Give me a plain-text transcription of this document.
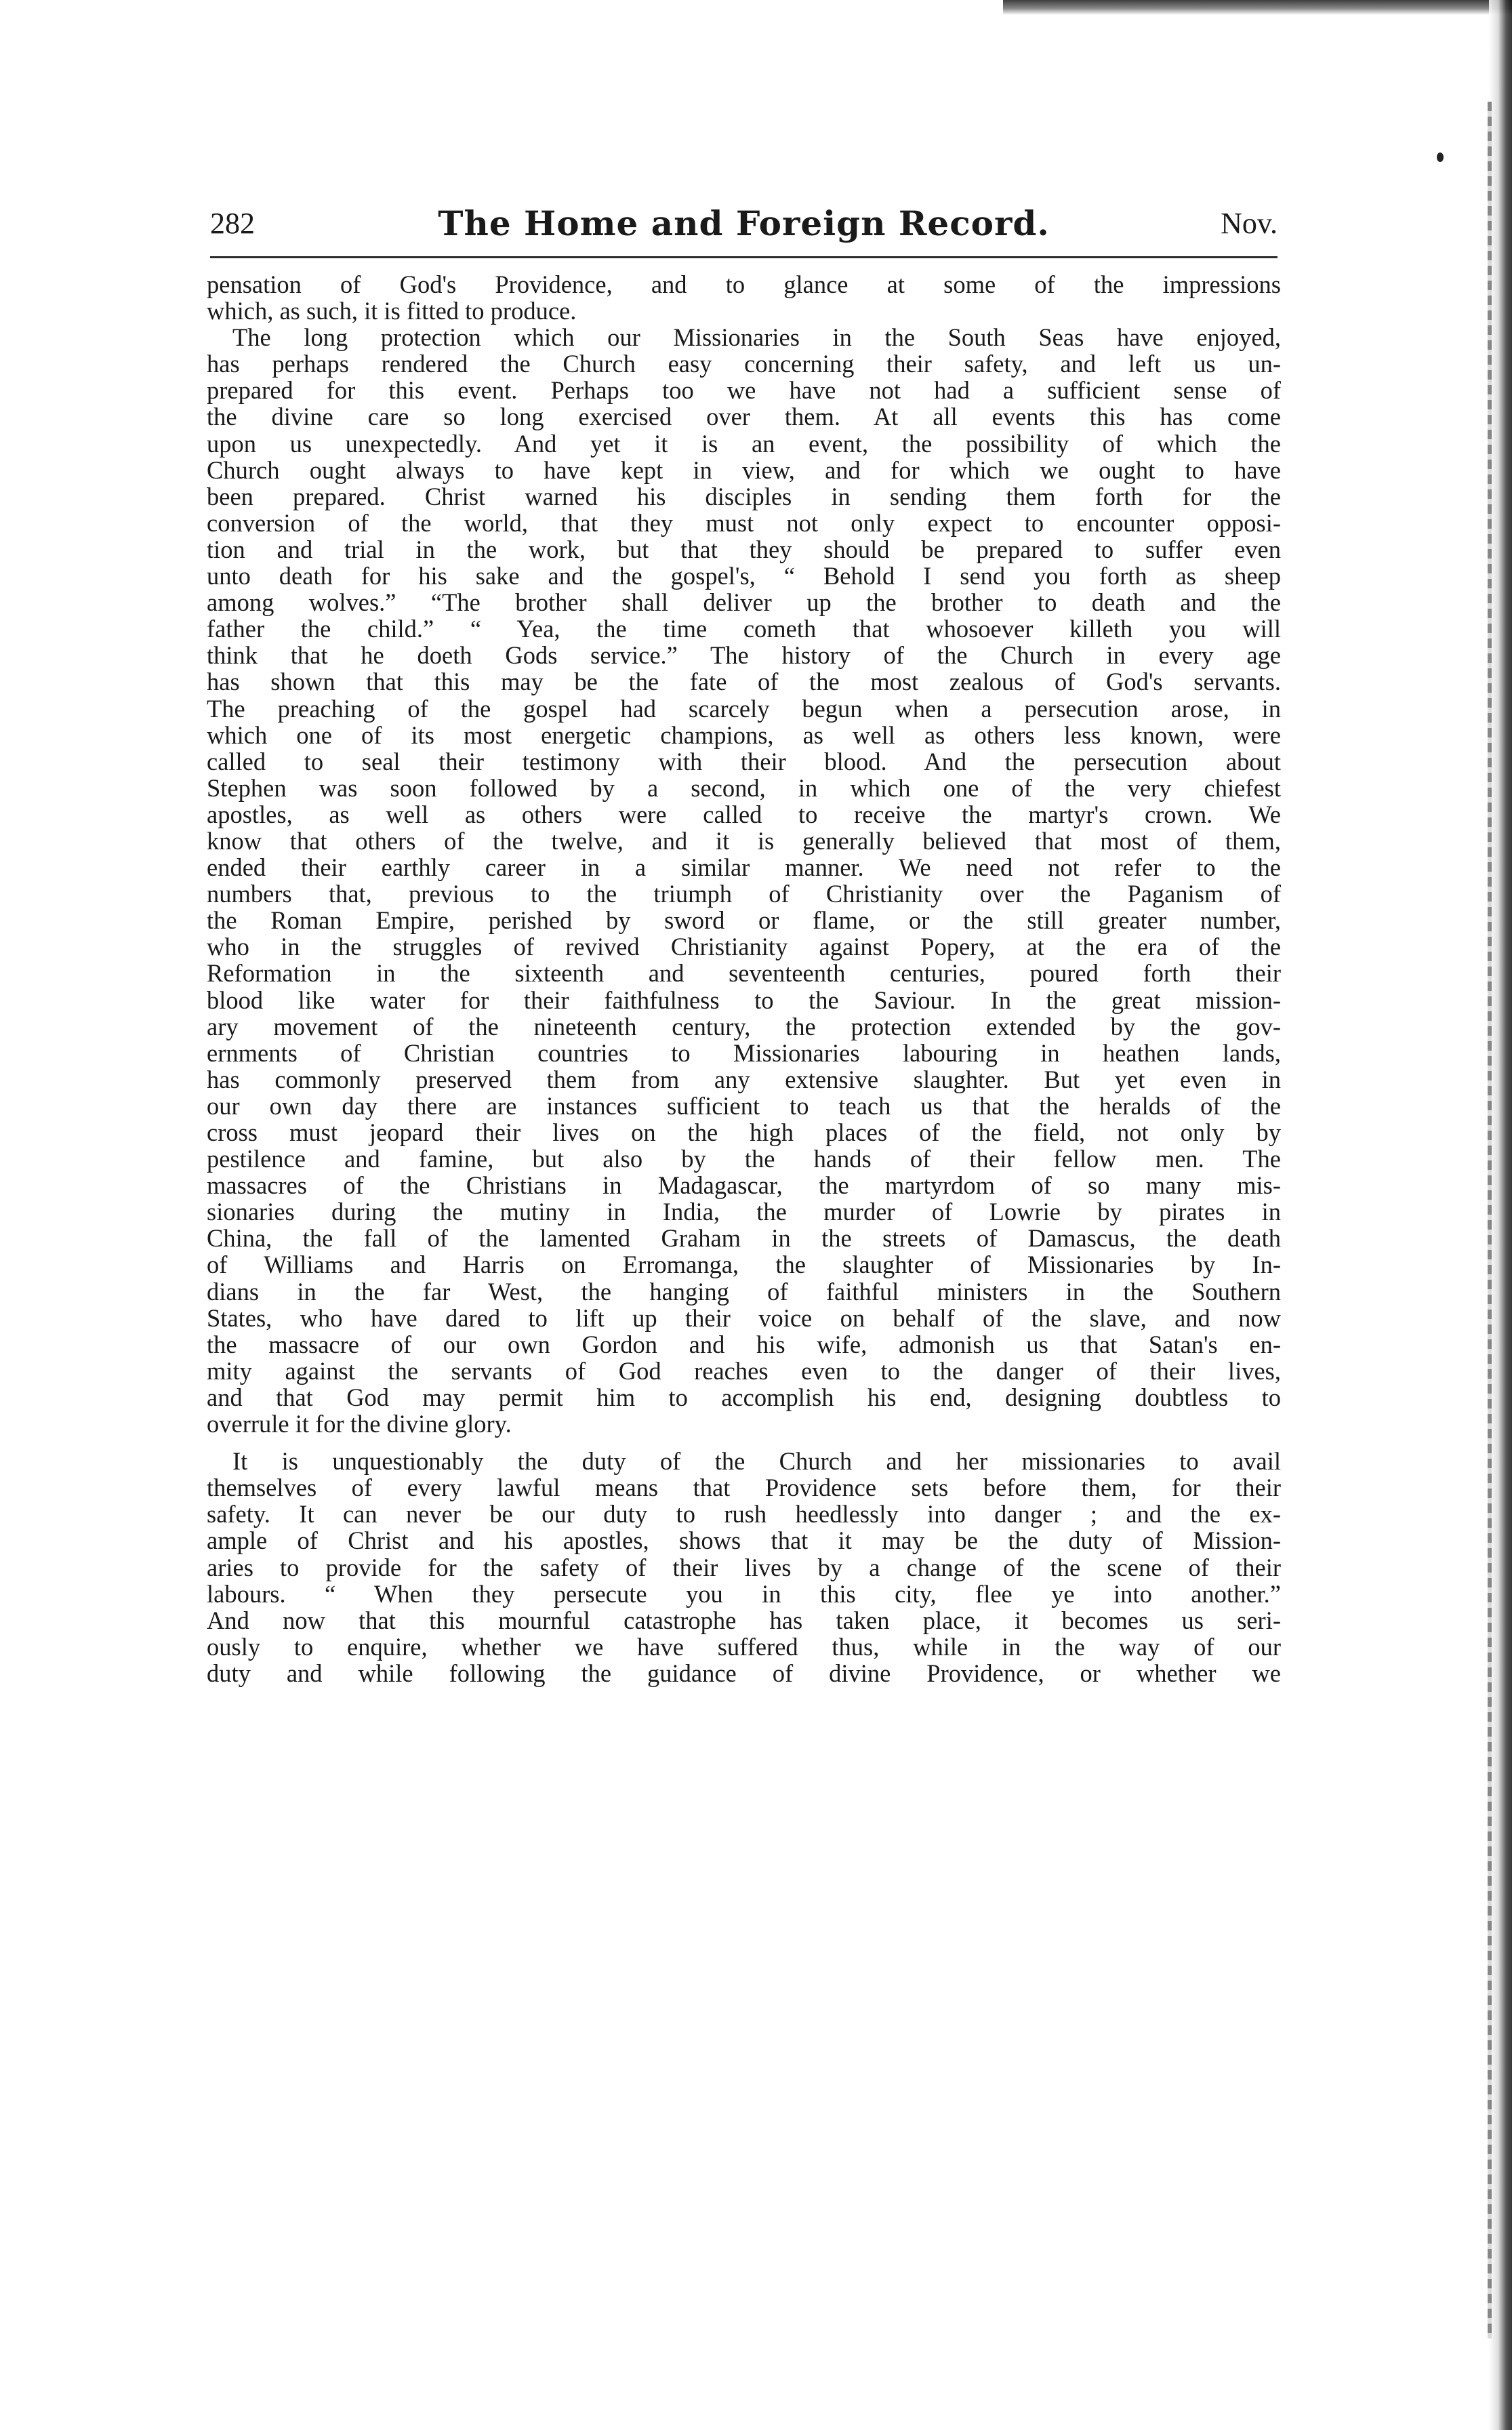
282	The Home and Foreign Record.	Nov.
pensation of God's Providence, and to glance at some of the impressions
which, as such, it is fitted to produce.
The long protection which our Missionaries in the South Seas have enjoyed,
has perhaps rendered the Church easy concerning their safety, and left us un-
prepared for this event. Perhaps too we have not had a sufficient sense of
the divine care so long exercised over them. At all events this has come
upon us unexpectedly. And yet it is an event, the possibility of which the
Church ought always to have kept in view, and for which we ought to have
been prepared. Christ warned his disciples in sending them forth for the
conversion of the world, that they must not only expect to encounter opposi-
tion and trial in the work, but that they should be prepared to suffer even
unto death for his sake and the gospel's, “ Behold I send you forth as sheep
among wolves.” “The brother shall deliver up the brother to death and the
father the child.” “ Yea, the time cometh that whosoever killeth you will
think that he doeth Gods service.” The history of the Church in every age
has shown that this may be the fate of the most zealous of God's servants.
The preaching of the gospel had scarcely begun when a persecution arose, in
which one of its most energetic champions, as well as others less known, were
called to seal their testimony with their blood. And the persecution about
Stephen was soon followed by a second, in which one of the very chiefest
apostles, as well as others were called to receive the martyr's crown. We
know that others of the twelve, and it is generally believed that most of them,
ended their earthly career in a similar manner. We need not refer to the
numbers that, previous to the triumph of Christianity over the Paganism of
the Roman Empire, perished by sword or flame, or the still greater number,
who in the struggles of revived Christianity against Popery, at the era of the
Reformation in the sixteenth and seventeenth centuries, poured forth their
blood like water for their faithfulness to the Saviour. In the great mission-
ary movement of the nineteenth century, the protection extended by the gov-
ernments of Christian countries to Missionaries labouring in heathen lands,
has commonly preserved them from any extensive slaughter. But yet even in
our own day there are instances sufficient to teach us that the heralds of the
cross must jeopard their lives on the high places of the field, not only by
pestilence and famine, but also by the hands of their fellow men. The
massacres of the Christians in Madagascar, the martyrdom of so many mis-
sionaries during the mutiny in India, the murder of Lowrie by pirates in
China, the fall of the lamented Graham in the streets of Damascus, the death
of Williams and Harris on Erromanga, the slaughter of Missionaries by In-
dians in the far West, the hanging of faithful ministers in the Southern
States, who have dared to lift up their voice on behalf of the slave, and now
the massacre of our own Gordon and his wife, admonish us that Satan's en-
mity against the servants of God reaches even to the danger of their lives,
and that God may permit him to accomplish his end, designing doubtless to
overrule it for the divine glory.
It is unquestionably the duty of the Church and her missionaries to avail
themselves of every lawful means that Providence sets before them, for their
safety. It can never be our duty to rush heedlessly into danger ; and the ex-
ample of Christ and his apostles, shows that it may be the duty of Mission-
aries to provide for the safety of their lives by a change of the scene of their
labours. “ When they persecute you in this city, flee ye into another.”
And now that this mournful catastrophe has taken place, it becomes us seri-
ously to enquire, whether we have suffered thus, while in the way of our
duty and while following the guidance of divine Providence, or whether we
